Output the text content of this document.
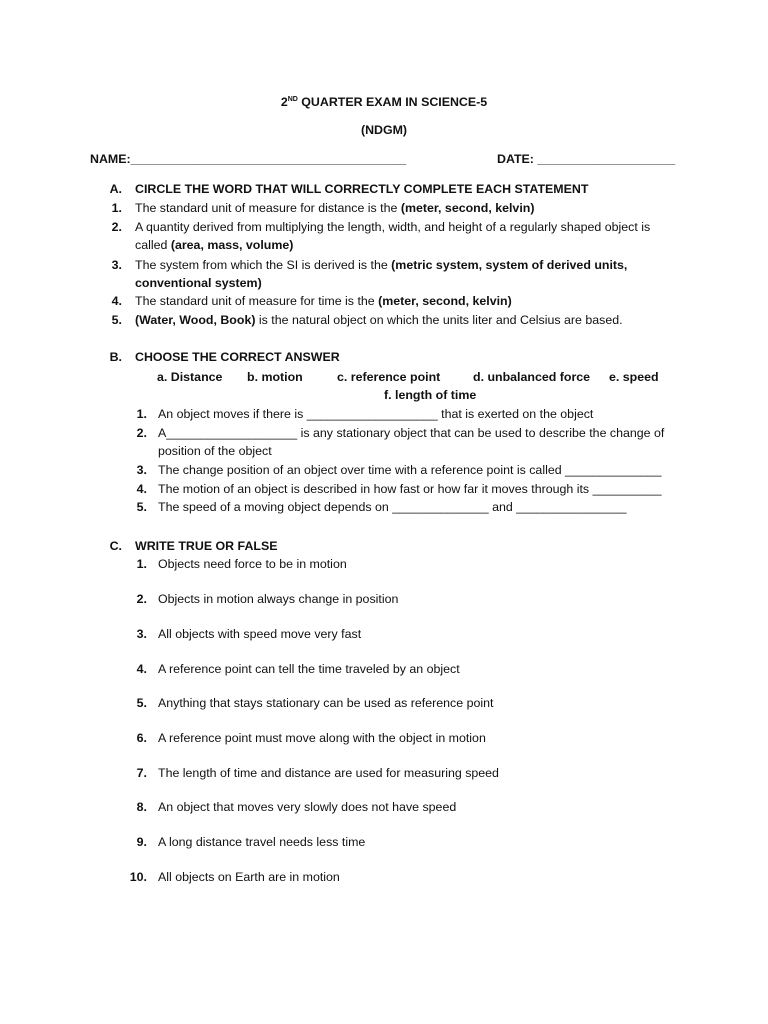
2ND QUARTER EXAM IN SCIENCE-5
(NDGM)
NAME:________________________________________	DATE: ____________________
A. CIRCLE THE WORD THAT WILL CORRECTLY COMPLETE EACH STATEMENT
1. The standard unit of measure for distance is the (meter, second, kelvin)
2. A quantity derived from multiplying the length, width, and height of a regularly shaped object is
called (area, mass, volume)
3. The system from which the SI is derived is the (metric system, system of derived units,
conventional system)
4. The standard unit of measure for time is the (meter, second, kelvin)
5. (Water, Wood, Book) is the natural object on which the units liter and Celsius are based.
B. CHOOSE THE CORRECT ANSWER
a. Distance b. motion	c. reference point	d. unbalanced force e. speed
f. length of time
1. An object moves if there is ___________________ that is exerted on the object
2. A___________________ is any stationary object that can be used to describe the change of
position of the object
3. The change position of an object over time with a reference point is called ______________
4. The motion of an object is described in how fast or how far it moves through its __________
5. The speed of a moving object depends on ______________ and ________________
C. WRITE TRUE OR FALSE
1. Objects need force to be in motion
2. Objects in motion always change in position
3. All objects with speed move very fast
4. A reference point can tell the time traveled by an object
5. Anything that stays stationary can be used as reference point
6. A reference point must move along with the object in motion
7. The length of time and distance are used for measuring speed
8. An object that moves very slowly does not have speed
9. A long distance travel needs less time
10. All objects on Earth are in motion
